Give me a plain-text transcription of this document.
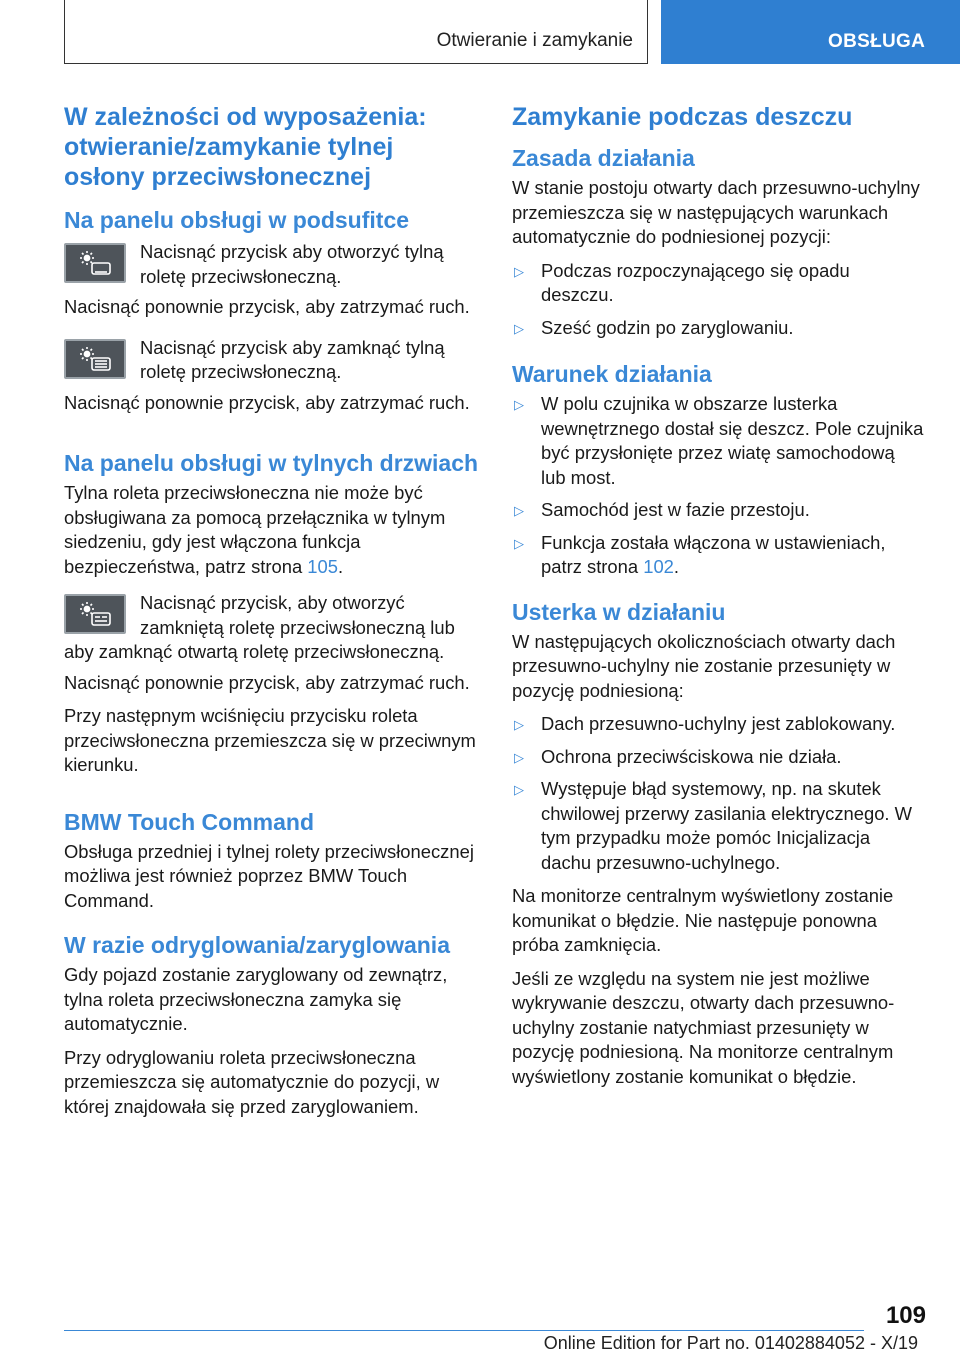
Otwieranie i zamykanie	OBSŁUGA
W zależności od wyposażenia: otwieranie/zamykanie tylnej osłony przeciwsłonecznej
Na panelu obsługi w podsufitce

Nacisnąć przycisk aby otworzyć tylną roletę przeciwsłoneczną.

Nacisnąć ponownie przycisk, aby zatrzymać ruch.

Nacisnąć przycisk aby zamknąć tylną roletę przeciwsłoneczną.

Nacisnąć ponownie przycisk, aby zatrzymać ruch.

Na panelu obsługi w tylnych drzwiach

Tylna roleta przeciwsłoneczna nie może być obsługiwana za pomocą przełącznika w tylnym siedzeniu, gdy jest włączona funkcja bezpieczeństwa, patrz strona 105.

Nacisnąć przycisk, aby otworzyć zamkniętą roletę przeciwsłoneczną lub aby zamknąć otwartą roletę przeciwsłoneczną.

Nacisnąć ponownie przycisk, aby zatrzymać ruch.

Przy następnym wciśnięciu przycisku roleta przeciwsłoneczna przemieszcza się w przeciwnym kierunku.

BMW Touch Command

Obsługa przedniej i tylnej rolety przeciwsłonecznej możliwa jest również poprzez BMW Touch Command.

W razie odryglowania/zaryglowania

Gdy pojazd zostanie zaryglowany od zewnątrz, tylna roleta przeciwsłoneczna zamyka się automatycznie.

Przy odryglowaniu roleta przeciwsłoneczna przemieszcza się automatycznie do pozycji, w której znajdowała się przed zaryglowaniem.

Zamykanie podczas deszczu
Zasada działania

W stanie postoju otwarty dach przesuwno-uchylny przemieszcza się w następujących warunkach automatycznie do podniesionej pozycji:

▷ Podczas rozpoczynającego się opadu deszczu.
▷ Sześć godzin po zaryglowaniu.
Warunek działania
▷ W polu czujnika w obszarze lusterka wewnętrznego dostał się deszcz. Pole czujnika być przysłonięte przez wiatę samochodową lub most.
▷ Samochód jest w fazie przestoju.
▷ Funkcja została włączona w ustawieniach, patrz strona 102.
Usterka w działaniu

W następujących okolicznościach otwarty dach przesuwno-uchylny nie zostanie przesunięty w pozycję podniesioną:

▷ Dach przesuwno-uchylny jest zablokowany.
▷ Ochrona przeciwściskowa nie działa.
▷ Występuje błąd systemowy, np. na skutek chwilowej przerwy zasilania elektrycznego. W tym przypadku może pomóc Inicjalizacja dachu przesuwno-uchylnego.

Na monitorze centralnym wyświetlony zostanie komunikat o błędzie. Nie następuje ponowna próba zamknięcia.

Jeśli ze względu na system nie jest możliwe wykrywanie deszczu, otwarty dach przesuwno-uchylny zostanie natychmiast przesunięty w pozycję podniesioną. Na monitorze centralnym wyświetlony zostanie komunikat o błędzie.

109
Online Edition for Part no. 01402884052 - X/19
